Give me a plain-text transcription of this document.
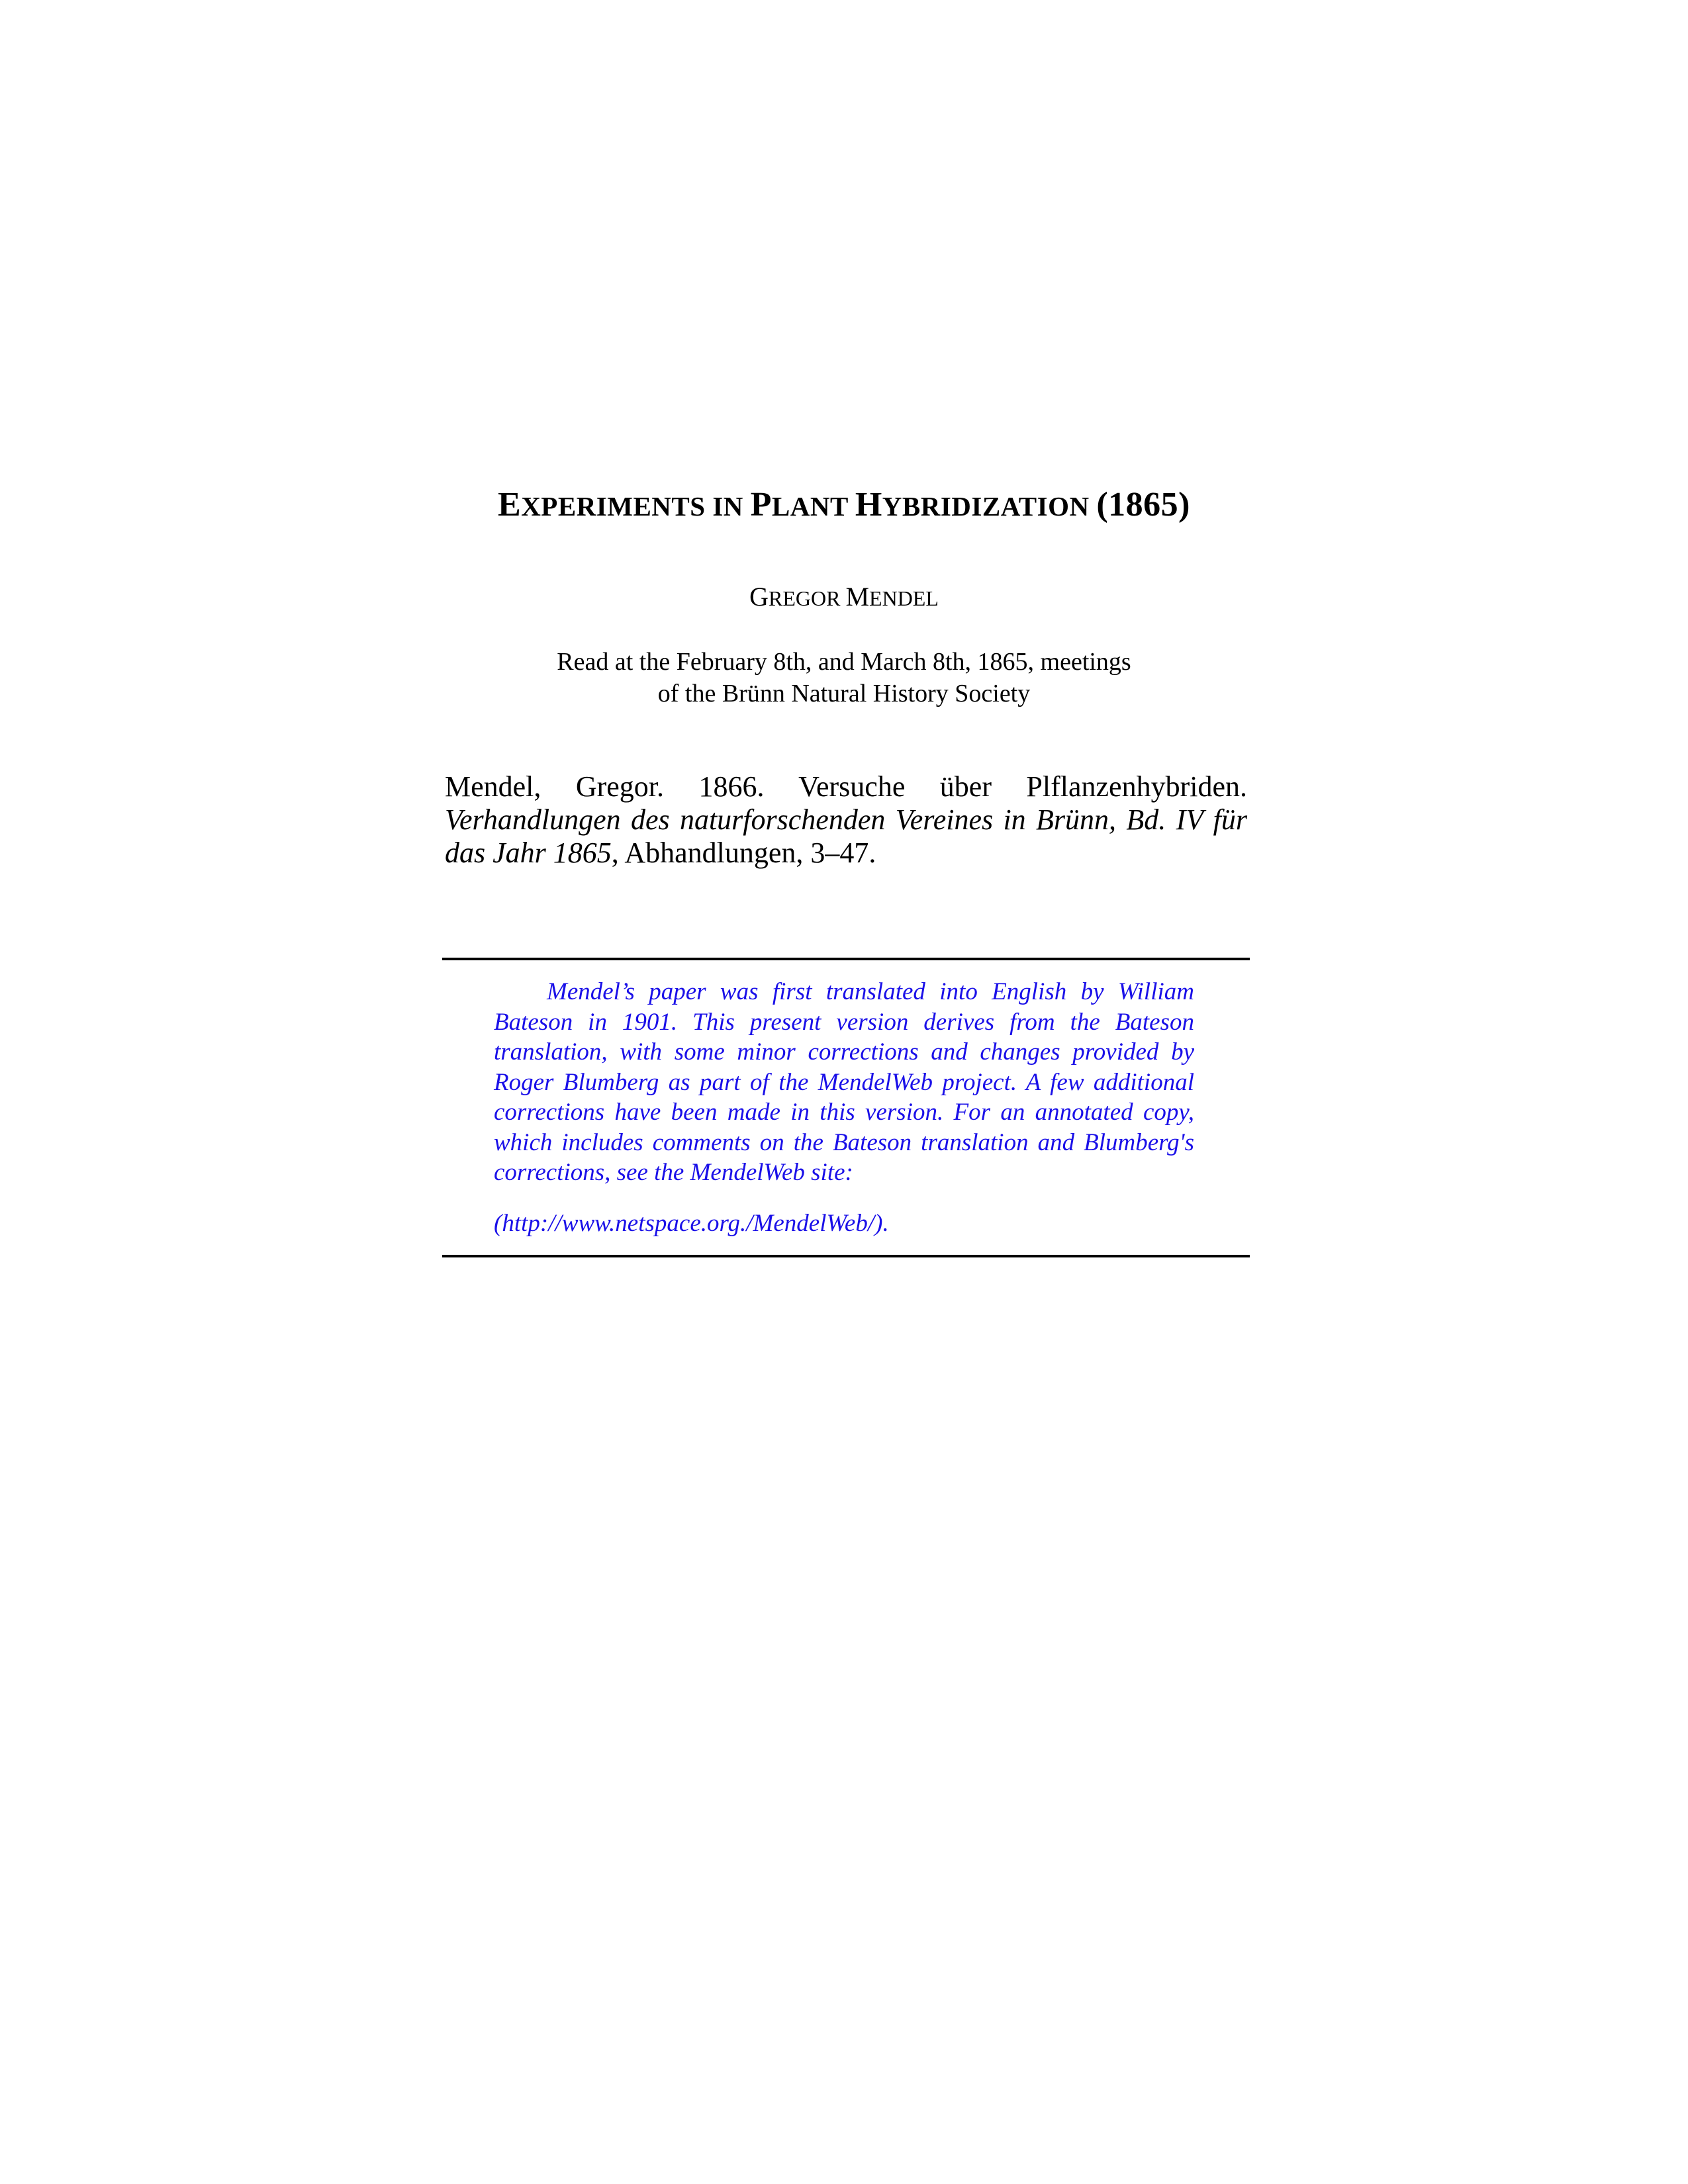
EXPERIMENTS IN PLANT HYBRIDIZATION (1865)
GREGOR MENDEL
Read at the February 8th, and March 8th, 1865, meetings
of the Brünn Natural History Society
Mendel, Gregor. 1866. Versuche über Plflanzenhybriden. Verhandlungen des naturforschenden Vereines in Brünn, Bd. IV für das Jahr 1865, Abhandlungen, 3–47.
Mendel’s paper was first translated into English by William Bateson in 1901. This present version derives from the Bateson translation, with some minor corrections and changes provided by Roger Blumberg as part of the MendelWeb project. A few additional corrections have been made in this version. For an annotated copy, which includes comments on the Bateson translation and Blumberg's corrections, see the MendelWeb site:
(http://www.netspace.org./MendelWeb/).
